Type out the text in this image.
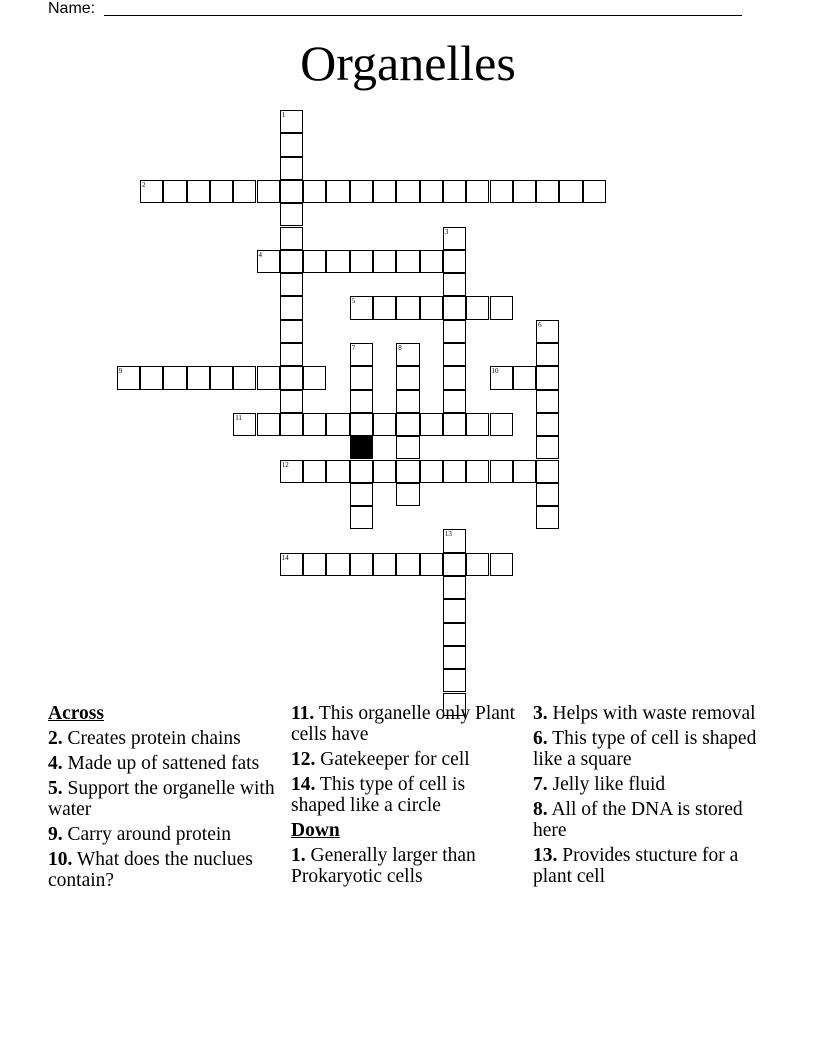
Name:
Organelles
1
2
3
4
5
6
7	8
9	10
11
12
13
14
Across
2. Creates protein chains
4. Made up of sattened fats
5. Support the organelle with water
9. Carry around protein
10. What does the nuclues contain?
11. This organelle only Plant cells have
12. Gatekeeper for cell
14. This type of cell is shaped like a circle
Down
1. Generally larger than Prokaryotic cells
3. Helps with waste removal
6. This type of cell is shaped like a square
7. Jelly like fluid
8. All of the DNA is stored here
13. Provides stucture for a plant cell
